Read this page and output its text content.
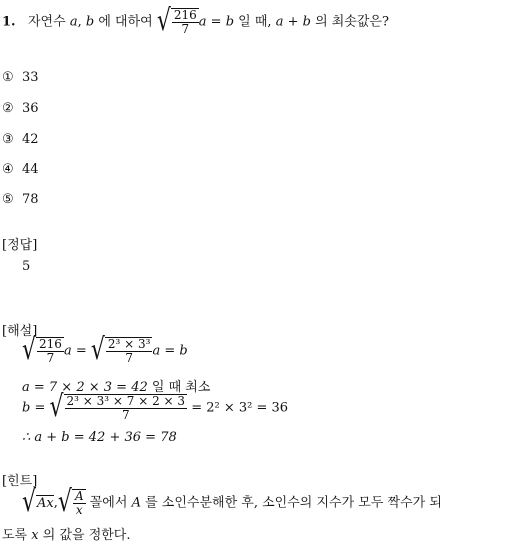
1. 자연수 a, b 에 대하여 √ $\frac{216}{7}$ a = b 일 때, a + b 의 최솟값은?
① 33
② 36
③ 42
④ 44
⑤ 78
[정답]
5
[해설]
√ $\frac{216}{7}$ a = √ $\frac{\text{2³ × 3³}}{7}$ a = b
a = 7 × 2 × 3 = 42 일 때 최소
b = √ $\frac{\text{2³ × 3³ × 7 × 2 × 3}}{7} = 2^2 \times 3^2 = 36$
∴ a + b = 42 + 36 = 78
[힌트]
$√Ax,√ \frac{A}{x}$ 꼴에서 A 를 소인수분해한 후, 소인수의 지수가 모두 짝수가 되
도록 x 의 값을 정한다.
